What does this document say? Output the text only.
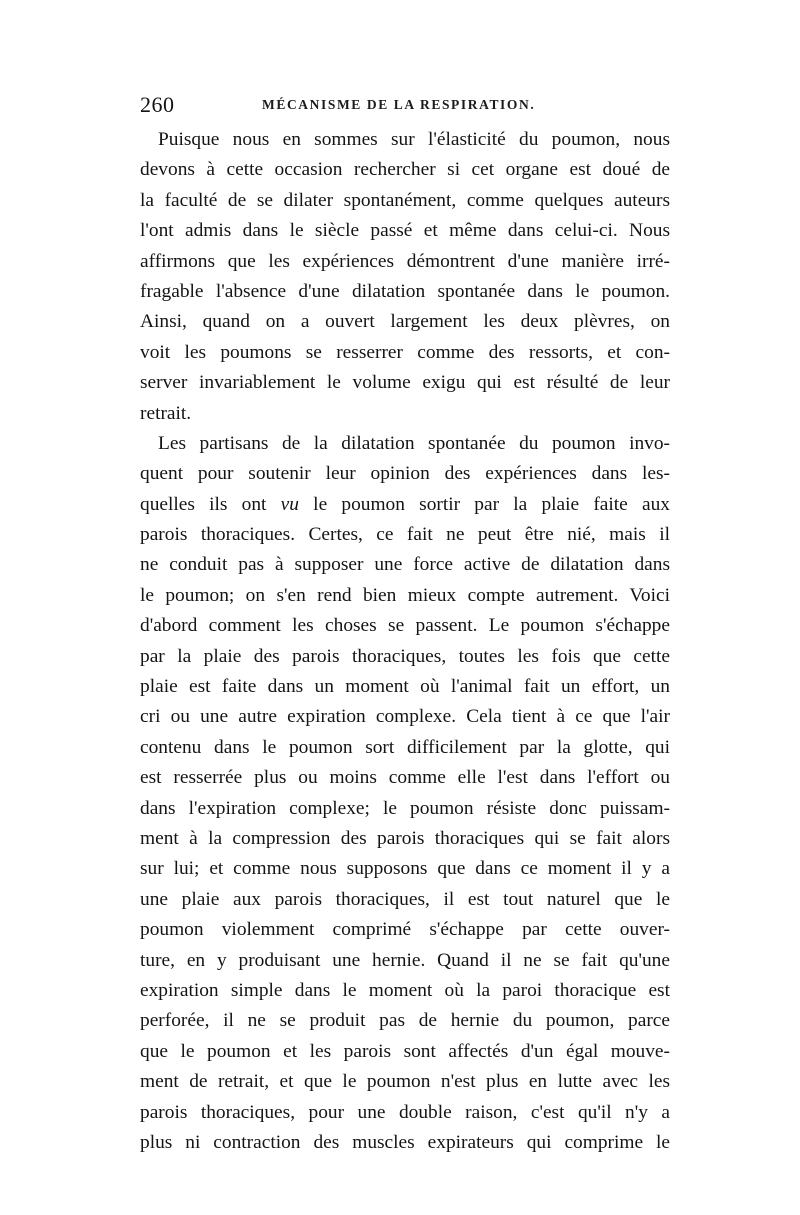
260	MÉCANISME DE LA RESPIRATION.
Puisque nous en sommes sur l'élasticité du poumon, nous
devons à cette occasion rechercher si cet organe est doué de
la faculté de se dilater spontanément, comme quelques auteurs
l'ont admis dans le siècle passé et même dans celui-ci. Nous
affirmons que les expériences démontrent d'une manière irré-
fragable l'absence d'une dilatation spontanée dans le poumon.
Ainsi, quand on a ouvert largement les deux plèvres, on
voit les poumons se resserrer comme des ressorts, et con-
server invariablement le volume exigu qui est résulté de leur
retrait.
Les partisans de la dilatation spontanée du poumon invo-
quent pour soutenir leur opinion des expériences dans les-
quelles ils ont vu le poumon sortir par la plaie faite aux
parois thoraciques. Certes, ce fait ne peut être nié, mais il
ne conduit pas à supposer une force active de dilatation dans
le poumon; on s'en rend bien mieux compte autrement. Voici
d'abord comment les choses se passent. Le poumon s'échappe
par la plaie des parois thoraciques, toutes les fois que cette
plaie est faite dans un moment où l'animal fait un effort, un
cri ou une autre expiration complexe. Cela tient à ce que l'air
contenu dans le poumon sort difficilement par la glotte, qui
est resserrée plus ou moins comme elle l'est dans l'effort ou
dans l'expiration complexe; le poumon résiste donc puissam-
ment à la compression des parois thoraciques qui se fait alors
sur lui; et comme nous supposons que dans ce moment il y a
une plaie aux parois thoraciques, il est tout naturel que le
poumon violemment comprimé s'échappe par cette ouver-
ture, en y produisant une hernie. Quand il ne se fait qu'une
expiration simple dans le moment où la paroi thoracique est
perforée, il ne se produit pas de hernie du poumon, parce
que le poumon et les parois sont affectés d'un égal mouve-
ment de retrait, et que le poumon n'est plus en lutte avec les
parois thoraciques, pour une double raison, c'est qu'il n'y a
plus ni contraction des muscles expirateurs qui comprime le
